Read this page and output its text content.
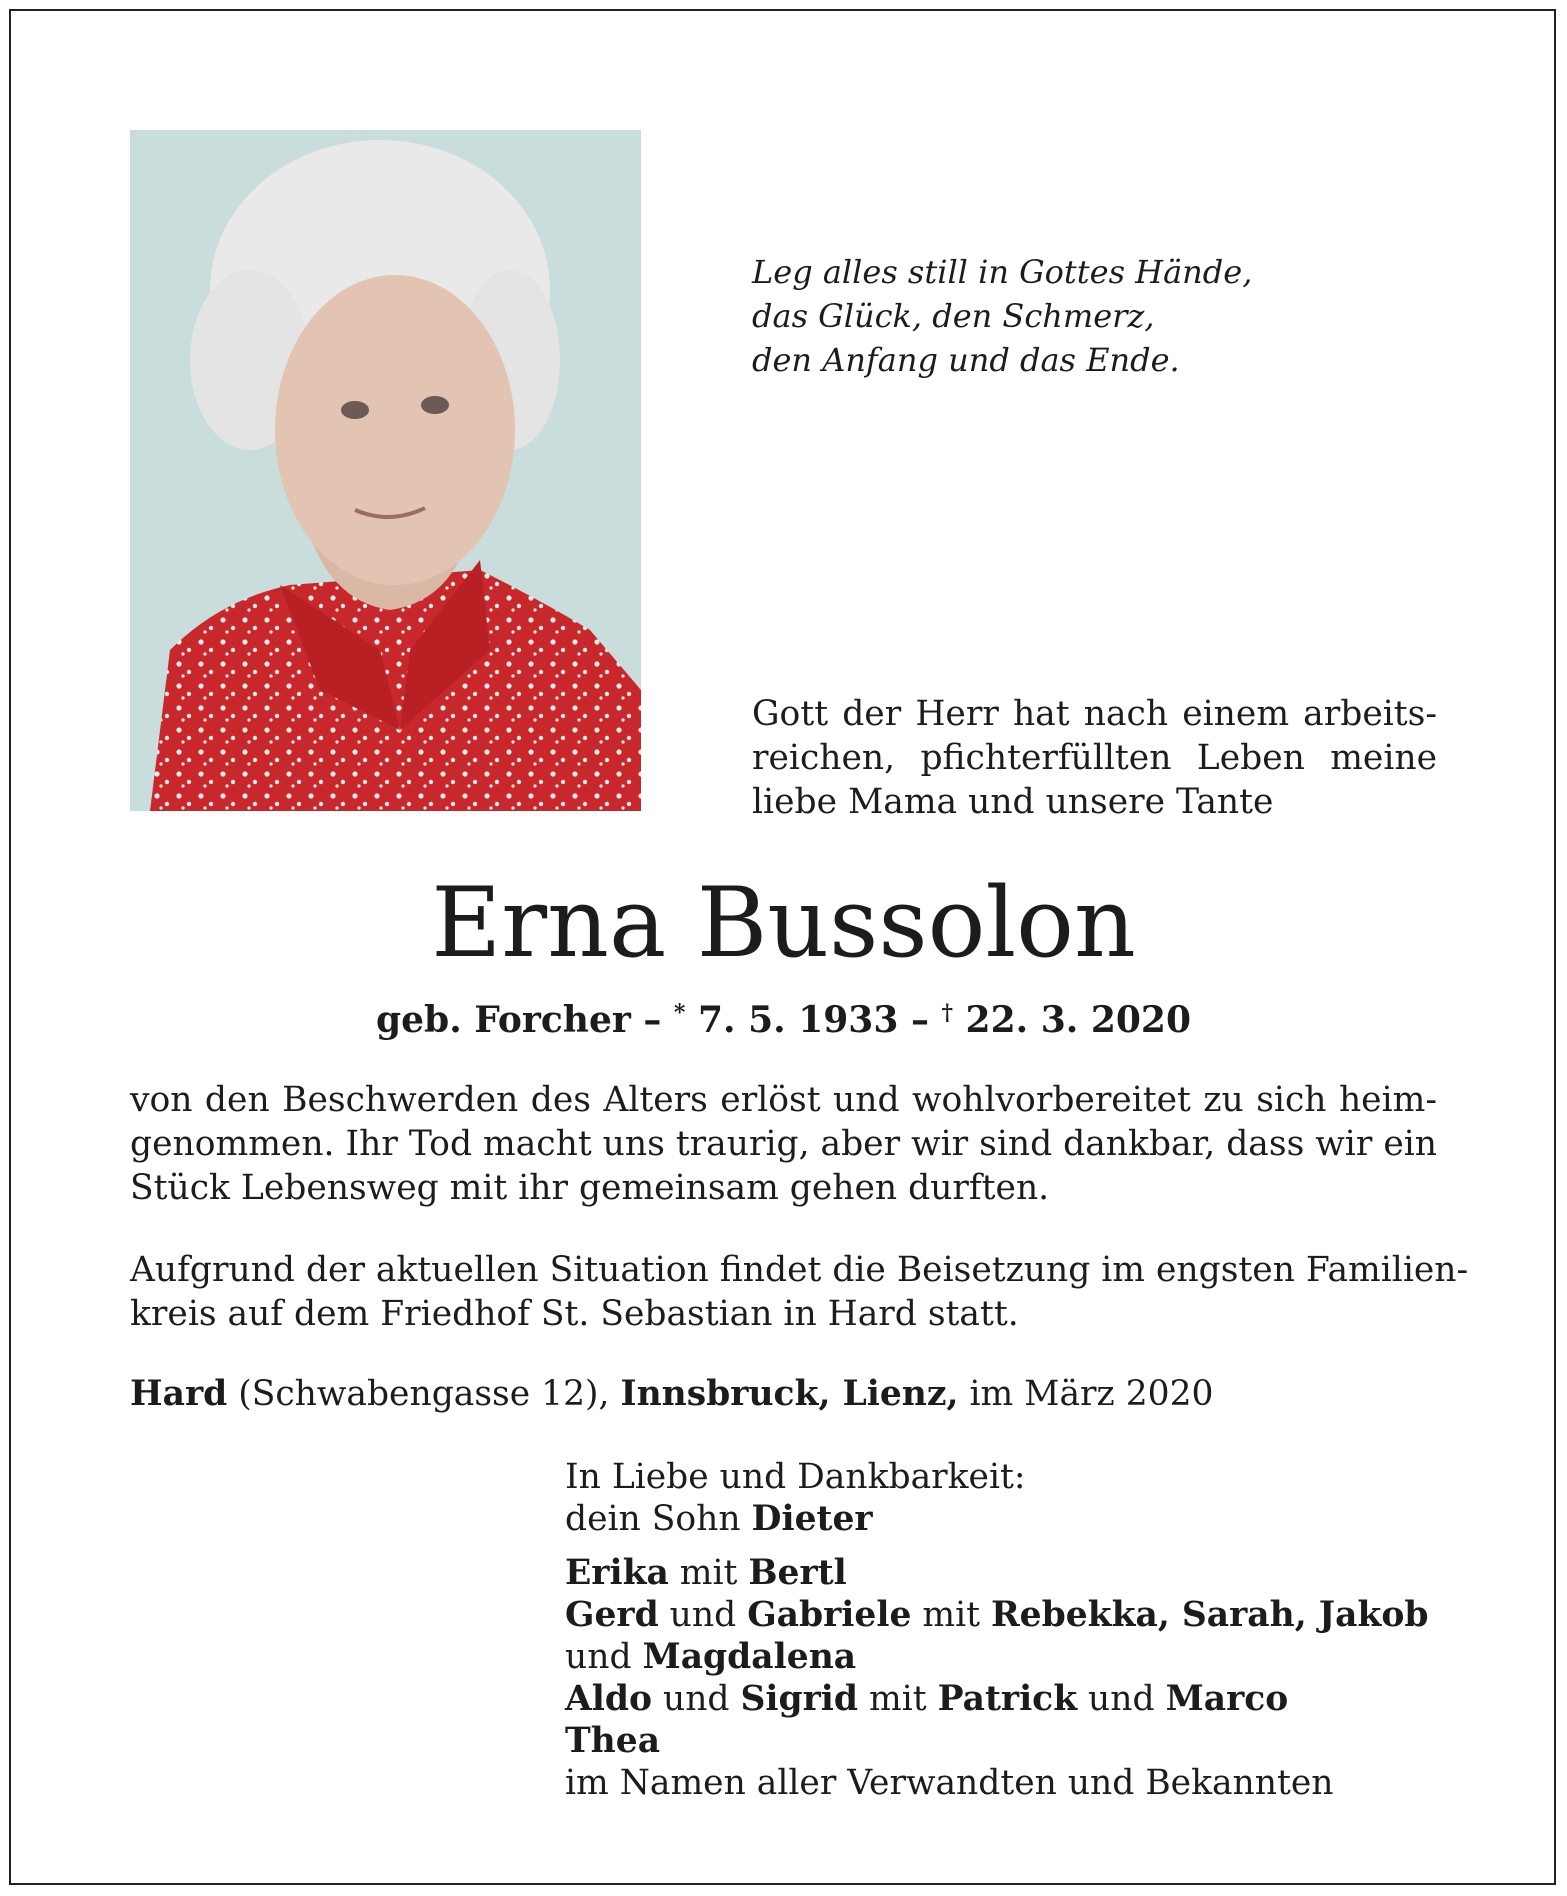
Leg alles still in Gottes Hände,
das Glück, den Schmerz,
den Anfang und das Ende.
Gott der Herr hat nach einem arbeits-
reichen, pfichterfüllten Leben meine
liebe Mama und unsere Tante
Erna Bussolon
geb. Forcher – * 7. 5. 1933 – † 22. 3. 2020
von den Beschwerden des Alters erlöst und wohlvorbereitet zu sich heim-
genommen. Ihr Tod macht uns traurig, aber wir sind dankbar, dass wir ein
Stück Lebensweg mit ihr gemeinsam gehen durften.
Aufgrund der aktuellen Situation findet die Beisetzung im engsten Familien-
kreis auf dem Friedhof St. Sebastian in Hard statt.
Hard (Schwabengasse 12), Innsbruck, Lienz, im März 2020
In Liebe und Dankbarkeit:
dein Sohn Dieter
Erika mit Bertl
Gerd und Gabriele mit Rebekka, Sarah, Jakob
und Magdalena
Aldo und Sigrid mit Patrick und Marco
Thea
im Namen aller Verwandten und Bekannten
